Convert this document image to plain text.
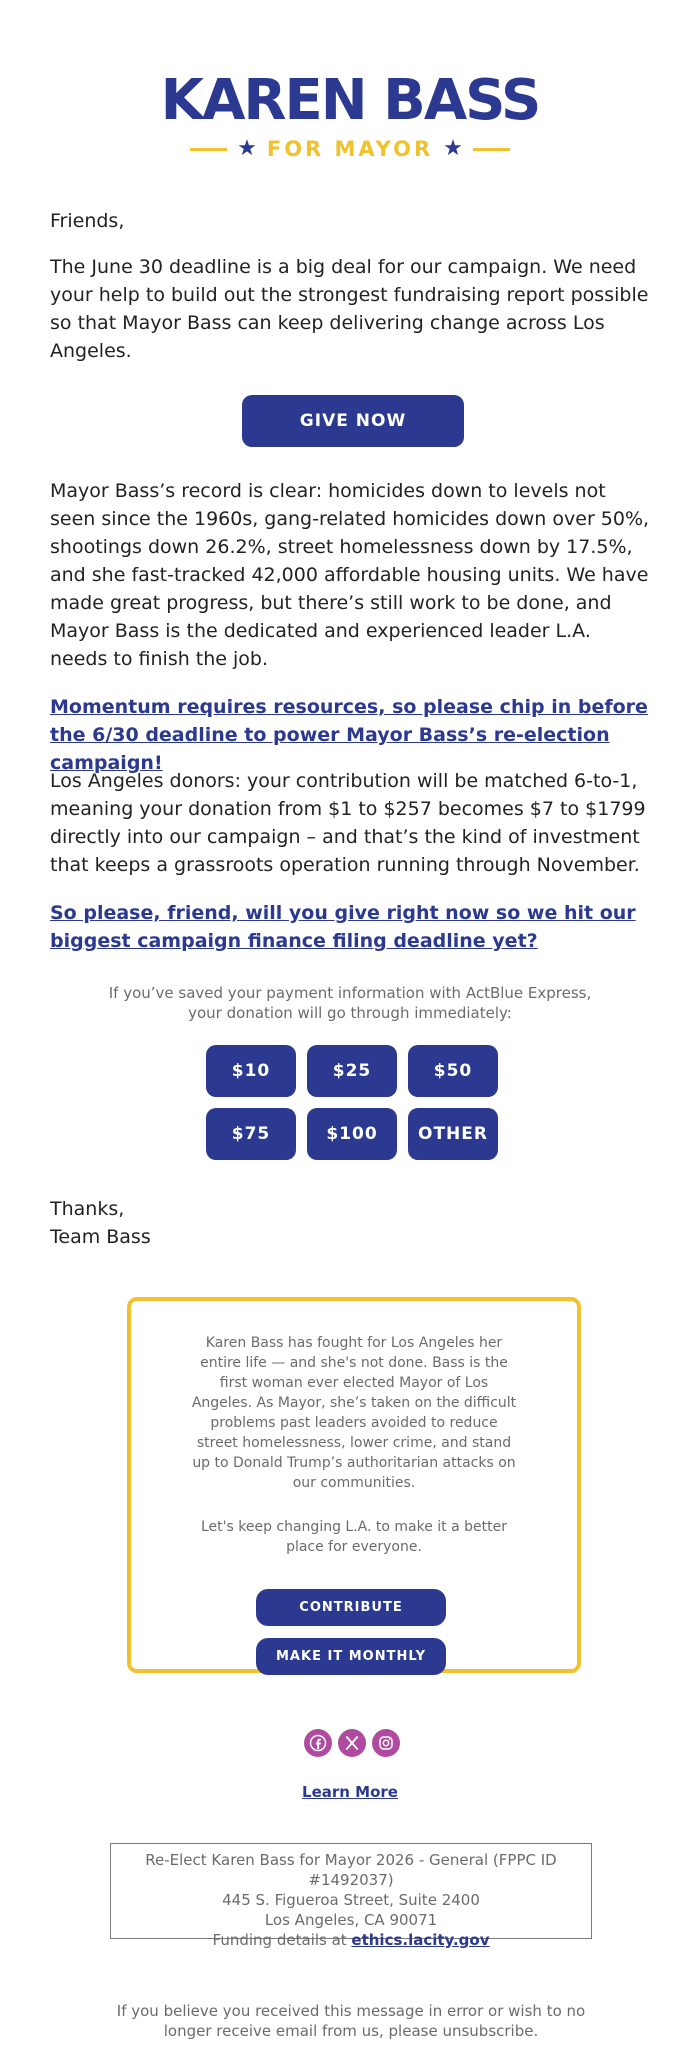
KAREN BASS
★ FOR MAYOR ★

Friends,

The June 30 deadline is a big deal for our campaign. We need your help to build out the strongest fundraising report possible so that Mayor Bass can keep delivering change across Los Angeles.

GIVE NOW

Mayor Bass’s record is clear: homicides down to levels not seen since the 1960s, gang-related homicides down over 50%, shootings down 26.2%, street homelessness down by 17.5%, and she fast-tracked 42,000 affordable housing units. We have made great progress, but there’s still work to be done, and Mayor Bass is the dedicated and experienced leader L.A. needs to finish the job.

Momentum requires resources, so please chip in before the 6/30 deadline to power Mayor Bass’s re-election campaign!

Los Angeles donors: your contribution will be matched 6-to-1, meaning your donation from $1 to $257 becomes $7 to $1799 directly into our campaign – and that’s the kind of investment that keeps a grassroots operation running through November.

So please, friend, will you give right now so we hit our biggest campaign finance filing deadline yet?

If you’ve saved your payment information with ActBlue Express, your donation will go through immediately:
$10	$25	$50
$75	$100	OTHER

Thanks,

Team Bass

Karen Bass has fought for Los Angeles her entire life — and she's not done. Bass is the first woman ever elected Mayor of Los Angeles. As Mayor, she’s taken on the difficult problems past leaders avoided to reduce street homelessness, lower crime, and stand up to Donald Trump’s authoritarian attacks on our communities.
Let's keep changing L.A. to make it a better place for everyone.
CONTRIBUTE
MAKE IT MONTHLY
Learn More
Re-Elect Karen Bass for Mayor 2026 - General (FPPC ID #1492037)
445 S. Figueroa Street, Suite 2400
Los Angeles, CA 90071
Funding details at ethics.lacity.gov
If you believe you received this message in error or wish to no longer receive email from us, please unsubscribe.
